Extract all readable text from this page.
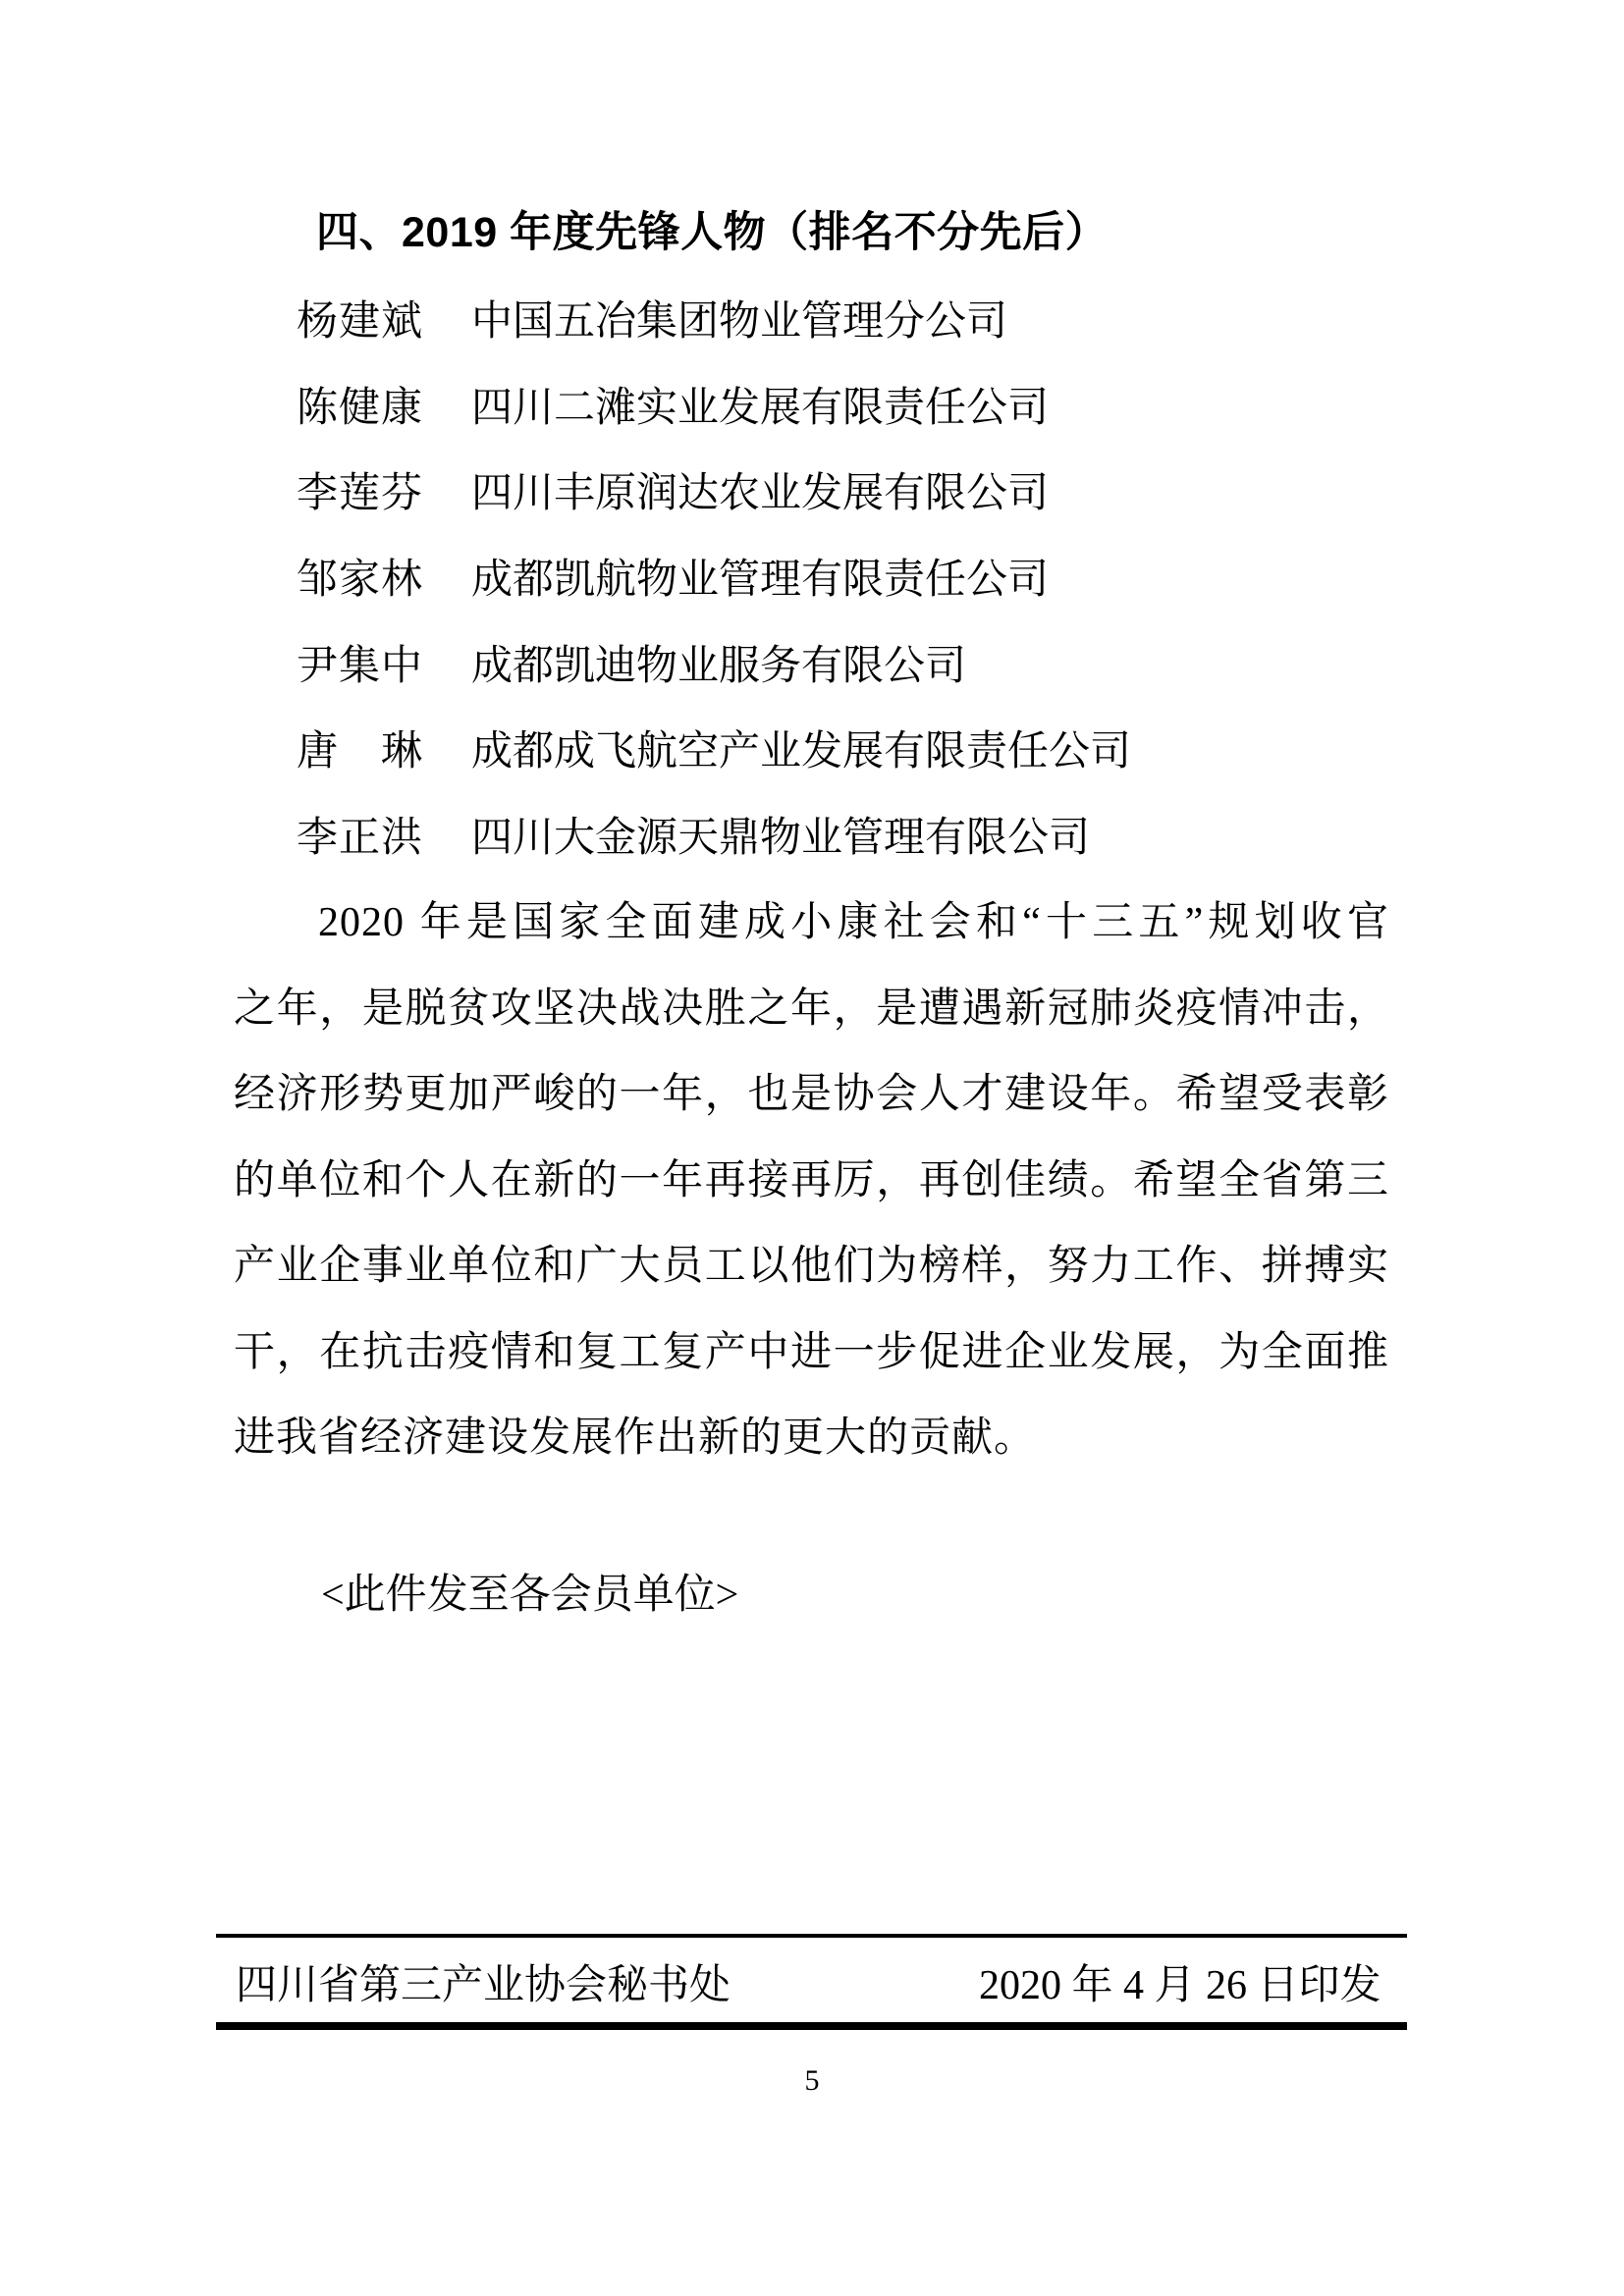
四、2019 年度先锋人物（排名不分先后）
杨建斌 中国五冶集团物业管理分公司
陈健康 四川二滩实业发展有限责任公司
李莲芬 四川丰原润达农业发展有限公司
邹家林 成都凯航物业管理有限责任公司
尹集中 成都凯迪物业服务有限公司
唐　琳 成都成飞航空产业发展有限责任公司
李正洪 四川大金源天鼎物业管理有限公司
2020 年是国家全面建成小康社会和“十三五”规划收官
之年，是脱贫攻坚决战决胜之年，是遭遇新冠肺炎疫情冲击，
经济形势更加严峻的一年，也是协会人才建设年。希望受表彰
的单位和个人在新的一年再接再厉，再创佳绩。希望全省第三
产业企事业单位和广大员工以他们为榜样，努力工作、拼搏实
干，在抗击疫情和复工复产中进一步促进企业发展，为全面推
进我省经济建设发展作出新的更大的贡献。
<此件发至各会员单位>
四川省第三产业协会秘书处	2020 年 4 月 26 日印发
5
